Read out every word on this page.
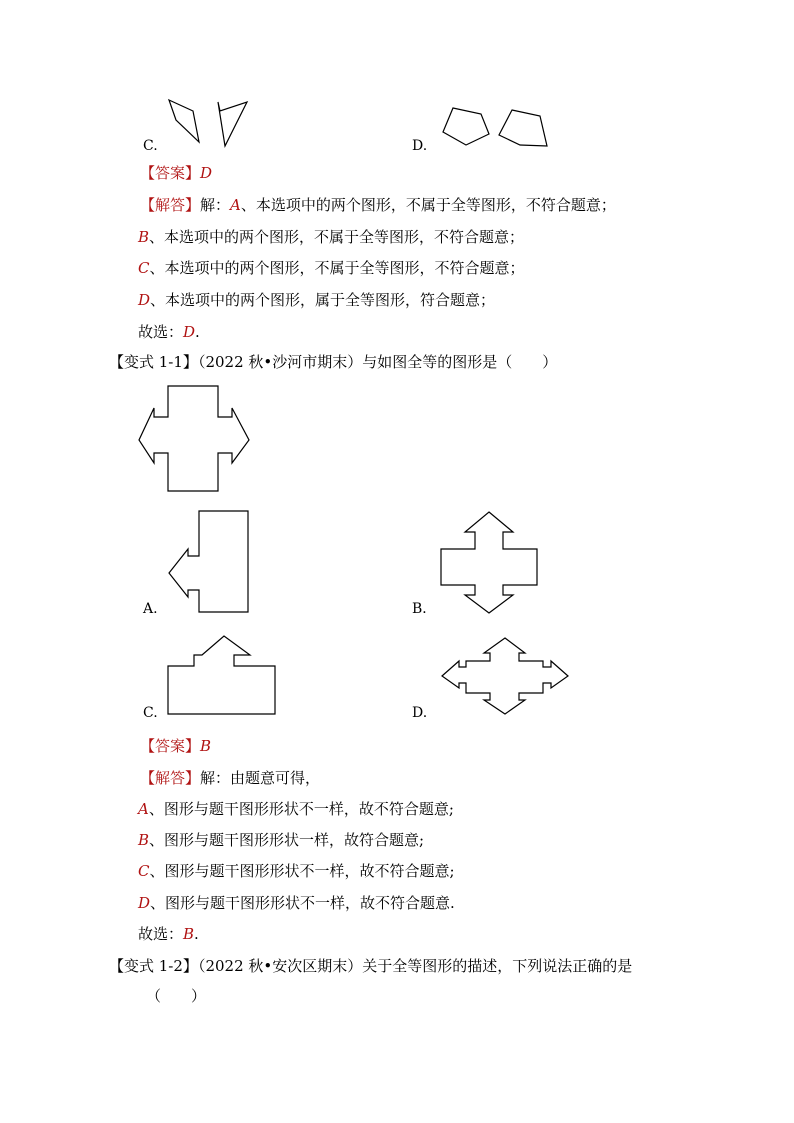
C.	D.
【答案】D
【解答】解：A、本选项中的两个图形，不属于全等图形，不符合题意；
B、本选项中的两个图形，不属于全等图形，不符合题意；
C、本选项中的两个图形，不属于全等图形，不符合题意；
D、本选项中的两个图形，属于全等图形，符合题意；
故选：D.
【变式 1-1】（2022 秋•沙河市期末）与如图全等的图形是（　　）
A.	B．
C.	D.
【答案】B
【解答】解：由题意可得，
A、图形与题干图形形状不一样，故不符合题意;
B、图形与题干图形形状一样，故符合题意;
C、图形与题干图形形状不一样，故不符合题意;
D、图形与题干图形形状不一样，故不符合题意.
故选：B.
【变式 1-2】（2022 秋•安次区期末）关于全等图形的描述，下列说法正确的是
（　　）
